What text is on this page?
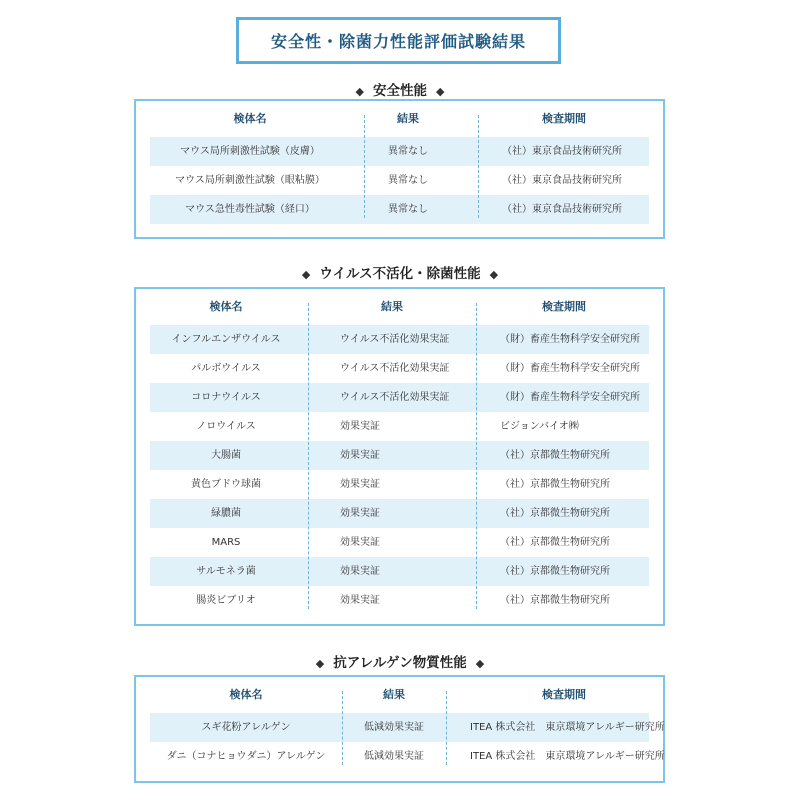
安全性・除菌力性能評価試験結果
◆ 安全性能 ◆
検体名	結果	検査期間
マウス局所刺激性試験（皮膚）	異常なし	（社）東京食品技術研究所
マウス局所刺激性試験（眼粘膜）	異常なし	（社）東京食品技術研究所
マウス急性毒性試験（経口）	異常なし	（社）東京食品技術研究所
◆ ウイルス不活化・除菌性能 ◆
検体名	結果	検査期間
インフルエンザウイルス	ウイルス不活化効果実証	（財）畜産生物科学安全研究所
パルボウイルス	ウイルス不活化効果実証	（財）畜産生物科学安全研究所
コロナウイルス	ウイルス不活化効果実証	（財）畜産生物科学安全研究所
ノロウイルス	効果実証	ビジョンバイオ㈱
大腸菌	効果実証	（社）京都微生物研究所
黄色ブドウ球菌	効果実証	（社）京都微生物研究所
緑膿菌	効果実証	（社）京都微生物研究所
MARS	効果実証	（社）京都微生物研究所
サルモネラ菌	効果実証	（社）京都微生物研究所
腸炎ビブリオ	効果実証	（社）京都微生物研究所
◆ 抗アレルゲン物質性能 ◆
検体名	結果	検査期間
スギ花粉アレルゲン	低減効果実証	ITEA 株式会社　東京環境アレルギー研究所
ダニ（コナヒョウダニ）アレルゲン	低減効果実証	ITEA 株式会社　東京環境アレルギー研究所
